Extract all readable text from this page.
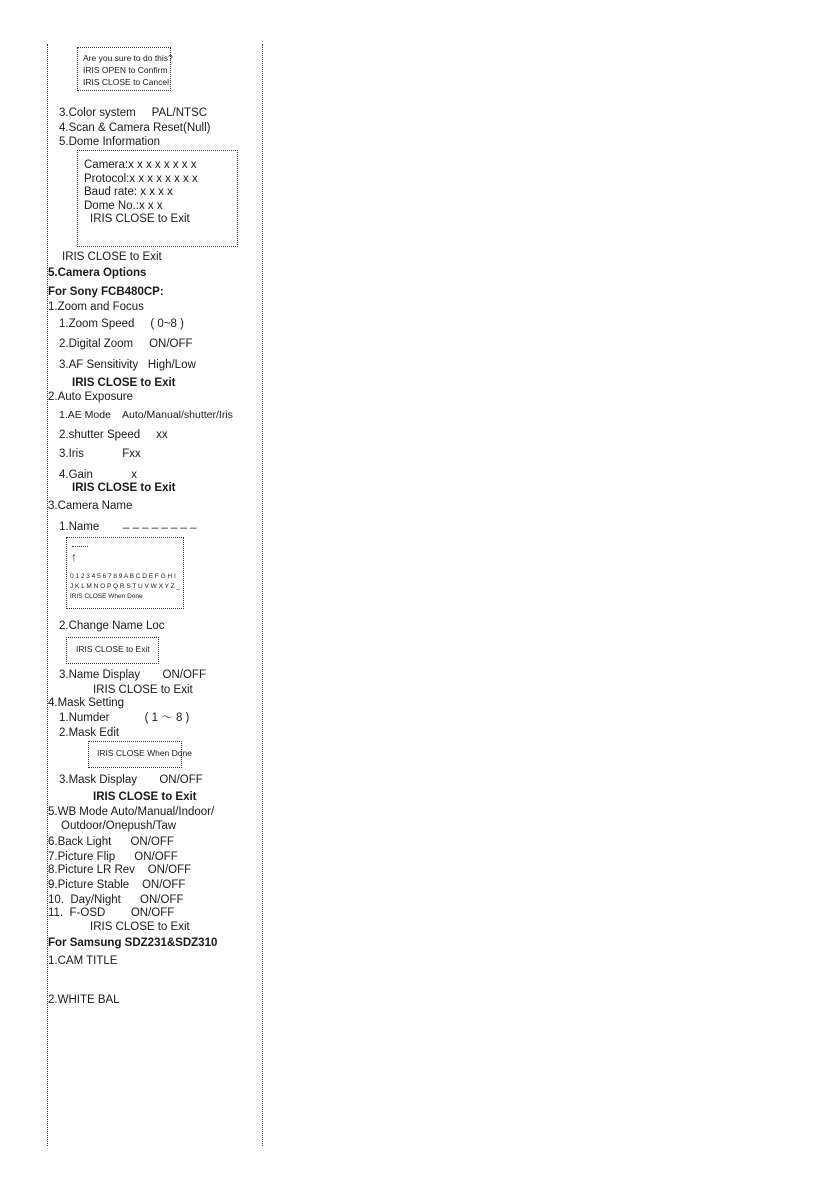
Are you sure to do this?
IRIS OPEN to Confirm
IRIS CLOSE to Cancel
3.Color system     PAL/NTSC
4.Scan & Camera Reset(Null)
5.Dome Information
Camera:x x x x x x x x
Protocol:x x x x x x x x
Baud rate: x x x x
Dome No.:x x x
IRIS CLOSE to Exit
IRIS CLOSE to Exit
5.Camera Options
For Sony FCB480CP:
1.Zoom and Focus
1.Zoom Speed     ( 0~8 )
2.Digital Zoom     ON/OFF
3.AF Sensitivity   High/Low
IRIS CLOSE to Exit
2.Auto Exposure
1.AE Mode    Auto/Manual/shutter/Iris
2.shutter Speed     xx
3.Iris            Fxx
4.Gain            x
IRIS CLOSE to Exit
3.Camera Name
1.Name _ _ _ _ _ _ _ _
↑
0 1 2 3 4 5 6 7 8 9 A B C D E F G H I
J K L M N O P Q R S T U V W X Y Z _
IRIS CLOSE When Done
2.Change Name Loc
IRIS CLOSE to Exit
3.Name Display       ON/OFF
IRIS CLOSE to Exit
4.Mask Setting
1.Numder           ( 1 ～ 8 )
2.Mask Edit
IRIS CLOSE When Done
3.Mask Display       ON/OFF
IRIS CLOSE to Exit
5.WB Mode Auto/Manual/Indoor/
Outdoor/Onepush/Taw
6.Back Light      ON/OFF
7.Picture Flip      ON/OFF
8.Picture LR Rev    ON/OFF
9.Picture Stable    ON/OFF
10.  Day/Night      ON/OFF
11.  F-OSD        ON/OFF
IRIS CLOSE to Exit
For Samsung SDZ231&SDZ310
1.CAM TITLE
2.WHITE BAL
